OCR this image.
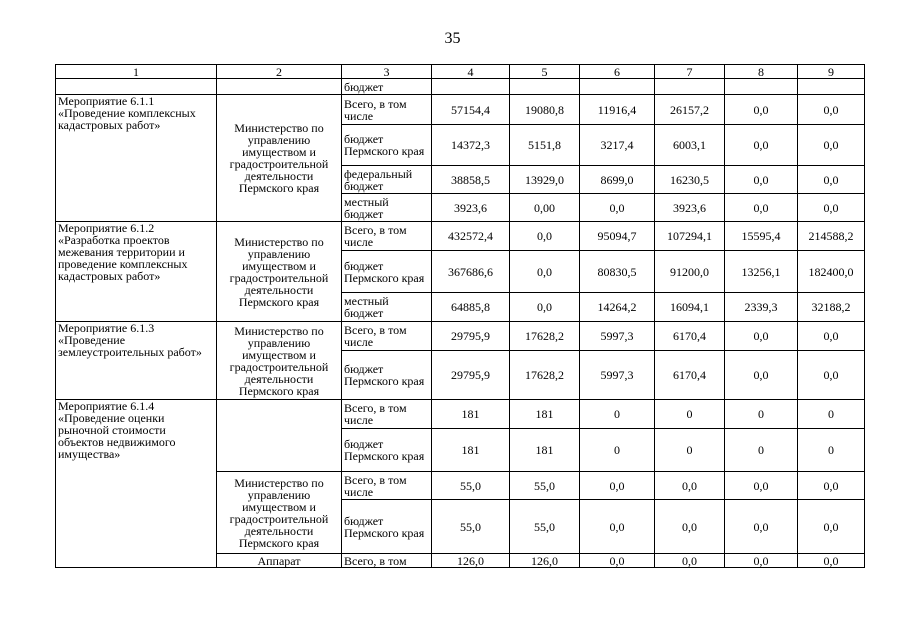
35
1	2	3	4	5	6	7	8	9
		бюджет						
Мероприятие 6.1.1 «Проведение комплексных кадастровых работ»	Министерство по управлению имуществом и градостроительной деятельности Пермского края	Всего, в том числе	57154,4	19080,8	11916,4	26157,2	0,0	0,0
		бюджет Пермского края	14372,3	5151,8	3217,4	6003,1	0,0	0,0
		федеральный бюджет	38858,5	13929,0	8699,0	16230,5	0,0	0,0
		местный бюджет	3923,6	0,00	0,0	3923,6	0,0	0,0
Мероприятие 6.1.2 «Разработка проектов межевания территории и проведение комплексных кадастровых работ»	Министерство по управлению имуществом и градостроительной деятельности Пермского края	Всего, в том числе	432572,4	0,0	95094,7	107294,1	15595,4	214588,2
		бюджет Пермского края	367686,6	0,0	80830,5	91200,0	13256,1	182400,0
		местный бюджет	64885,8	0,0	14264,2	16094,1	2339,3	32188,2
Мероприятие 6.1.3 «Проведение землеустроительных работ»	Министерство по управлению имуществом и градостроительной деятельности Пермского края	Всего, в том числе	29795,9	17628,2	5997,3	6170,4	0,0	0,0
		бюджет Пермского края	29795,9	17628,2	5997,3	6170,4	0,0	0,0
Мероприятие 6.1.4 «Проведение оценки рыночной стоимости объектов недвижимого имущества»		Всего, в том числе	181	181	0	0	0	0
		бюджет Пермского края	181	181	0	0	0	0
	Министерство по управлению имуществом и градостроительной деятельности Пермского края	Всего, в том числе	55,0	55,0	0,0	0,0	0,0	0,0
		бюджет Пермского края	55,0	55,0	0,0	0,0	0,0	0,0
	Аппарат	Всего, в том	126,0	126,0	0,0	0,0	0,0	0,0
